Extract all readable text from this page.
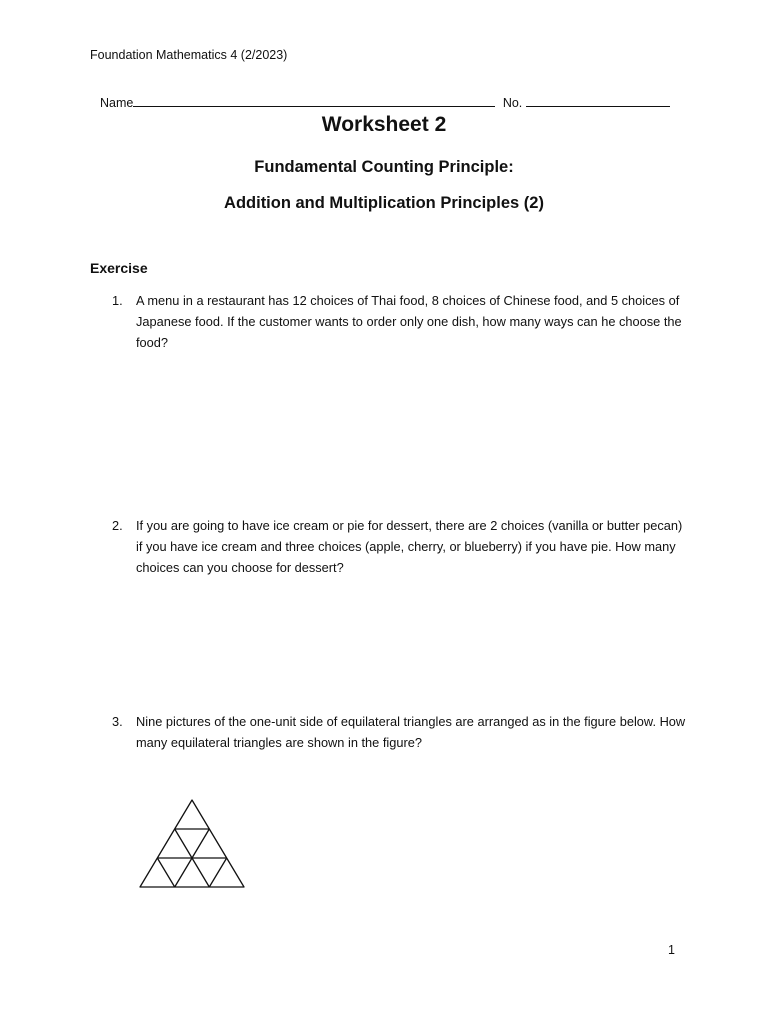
Foundation Mathematics 4 (2/2023)
Name	No.
Worksheet 2
Fundamental Counting Principle:
Addition and Multiplication Principles (2)
Exercise
1. A menu in a restaurant has 12 choices of Thai food, 8 choices of Chinese food, and 5 choices of Japanese food. If the customer wants to order only one dish, how many ways can he choose the food?
2. If you are going to have ice cream or pie for dessert, there are 2 choices (vanilla or butter pecan) if you have ice cream and three choices (apple, cherry, or blueberry) if you have pie. How many choices can you choose for dessert?
3. Nine pictures of the one-unit side of equilateral triangles are arranged as in the figure below. How many equilateral triangles are shown in the figure?
1
